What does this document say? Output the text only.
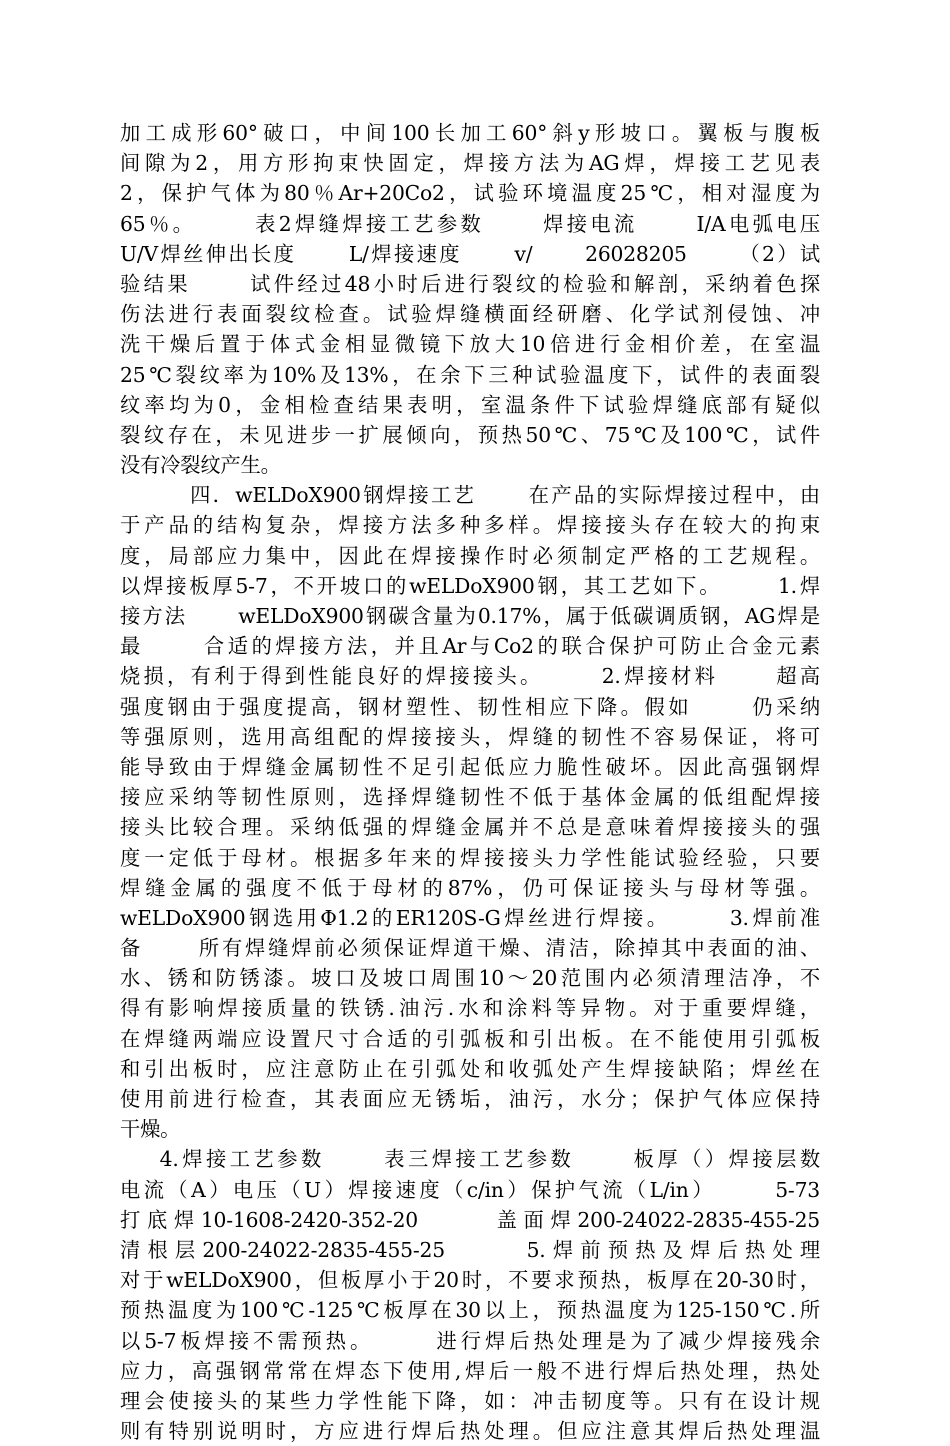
加工成形60°破口，中间100长加工60°斜y形坡口。翼板与腹板
间隙为2，用方形拘束快固定，焊接方法为AG焊，焊接工艺见表
2，保护气体为80％Ar+20Co2，试验环境温度25℃，相对湿度为
65％。      表2焊缝焊接工艺参数      焊接电流      I/A电弧电压
U/V焊丝伸出长度      L/焊接速度      v/      26028205      （2）试
验结果      试件经过48小时后进行裂纹的检验和解剖，采纳着色探
伤法进行表面裂纹检查。试验焊缝横面经研磨、化学试剂侵蚀、冲
洗干燥后置于体式金相显微镜下放大10倍进行金相价差，在室温
25℃裂纹率为10%及13%，在余下三种试验温度下，试件的表面裂
纹率均为0，金相检查结果表明，室温条件下试验焊缝底部有疑似
裂纹存在，未见进步一扩展倾向，预热50℃、75℃及100℃，试件
没有冷裂纹产生。
四．wELDoX900钢焊接工艺      在产品的实际焊接过程中，由
于产品的结构复杂，焊接方法多种多样。焊接接头存在较大的拘束
度，局部应力集中，因此在焊接操作时必须制定严格的工艺规程。
以焊接板厚5-7，不开坡口的wELDoX900钢，其工艺如下。      1.焊
接方法      wELDoX900钢碳含量为0.17%，属于低碳调质钢，AG焊是
最      合适的焊接方法，并且Ar与Co2的联合保护可防止合金元素
烧损，有利于得到性能良好的焊接接头。      2.焊接材料      超高
强度钢由于强度提高，钢材塑性、韧性相应下降。假如      仍采纳
等强原则，选用高组配的焊接接头，焊缝的韧性不容易保证，将可
能导致由于焊缝金属韧性不足引起低应力脆性破坏。因此高强钢焊
接应采纳等韧性原则，选择焊缝韧性不低于基体金属的低组配焊接
接头比较合理。采纳低强的焊缝金属并不总是意味着焊接接头的强
度一定低于母材。根据多年来的焊接接头力学性能试验经验，只要
焊缝金属的强度不低于母材的87%，仍可保证接头与母材等强。
wELDoX900钢选用Φ1.2的ER120S-G焊丝进行焊接。      3.焊前准
备      所有焊缝焊前必须保证焊道干燥、清洁，除掉其中表面的油、
水、锈和防锈漆。坡口及坡口周围10～20范围内必须清理洁净，不
得有影响焊接质量的铁锈.油污.水和涂料等异物。对于重要焊缝，
在焊缝两端应设置尺寸合适的引弧板和引出板。在不能使用引弧板
和引出板时，应注意防止在引弧处和收弧处产生焊接缺陷；焊丝在
使用前进行检查，其表面应无锈垢，油污，水分；保护气体应保持
干燥。
4.焊接工艺参数      表三焊接工艺参数      板厚（）焊接层数
电流（A）电压（U）焊接速度（c/in）保护气流（L/in）      5-73
打底焊10-1608-2420-352-20      盖面焊200-24022-2835-455-25
清根层200-24022-2835-455-25      5.焊前预热及焊后热处理
对于wELDoX900，但板厚小于20时，不要求预热，板厚在20-30时，
预热温度为100℃-125℃板厚在30以上，预热温度为125-150℃.所
以5-7板焊接不需预热。      进行焊后热处理是为了减少焊接残余
应力，高强钢常常在焊态下使用,焊后一般不进行焊后热处理，热处
理会使接头的某些力学性能下降，如：冲击韧度等。只有在设计规
则有特别说明时，方应进行焊后热处理。但应注意其焊后热处理温
